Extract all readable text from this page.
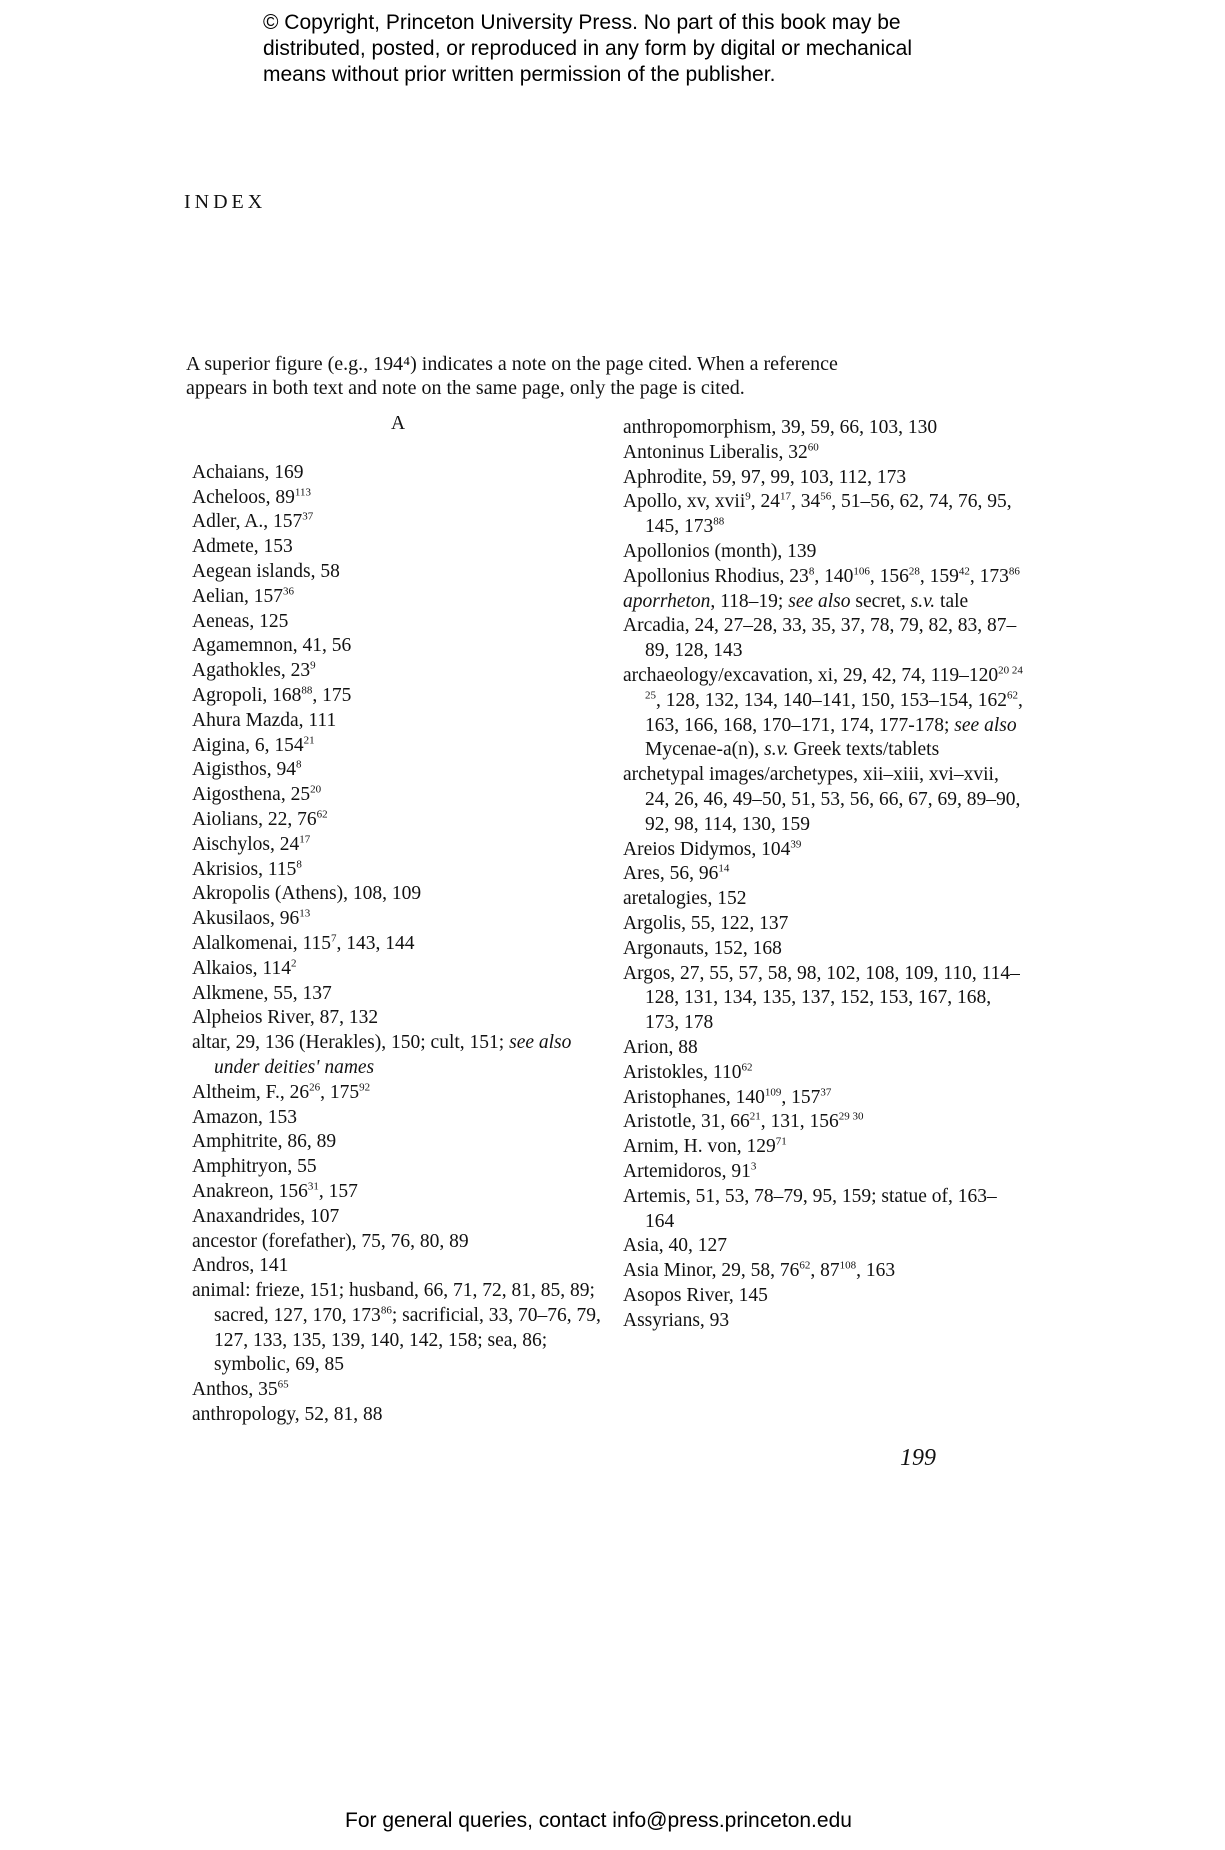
© Copyright, Princeton University Press. No part of this book may be
distributed, posted, or reproduced in any form by digital or mechanical
means without prior written permission of the publisher.
INDEX

A superior figure (e.g., 194⁴) indicates a note on the page cited. When a reference

appears in both text and note on the same page, only the page is cited.

A
Achaians, 169
Acheloos, $89^{113}$
Adler, A., $157^{37}$
Admete, 153
Aegean islands, 58
Aelian, $157^{36}$
Aeneas, 125
Agamemnon, 41, 56
Agathokles, $23^9$
Agropoli, $168^{88}$, 175
Ahura Mazda, 111
Aigina, 6, $154^{21}$
Aigisthos, $94^8$
Aigosthena, $25^{20}$
Aiolians, 22, $76^{62}$
Aischylos, $24^{17}$
Akrisios, $115^8$
Akropolis (Athens), 108, 109
Akusilaos, $96^{13}$
Alalkomenai, $115^7$, 143, 144
Alkaios, $114^2$
Alkmene, 55, 137
Alpheios River, 87, 132
altar, 29, 136 (Herakles), 150; cult, 151; see also under deities' names
Altheim, F., $26^{26}$, $175^{92}$
Amazon, 153
Amphitrite, 86, 89
Amphitryon, 55
Anakreon, $156^{31}$, 157
Anaxandrides, 107
ancestor (forefather), 75, 76, 80, 89
Andros, 141
animal: frieze, 151; husband, 66, 71, 72, 81, 85, 89; sacred, 127, 170, $173^{86}$; sacrificial, 33, 70–76, 79, 127, 133, 135, 139, 140, 142, 158; sea, 86; symbolic, 69, 85
Anthos, $35^{65}$
anthropology, 52, 81, 88
anthropomorphism, 39, 59, 66, 103, 130
Antoninus Liberalis, $32^{60}$
Aphrodite, 59, 97, 99, 103, 112, 173
Apollo, xv, xvii$^9$, $24^{17}$, $34^{56}$, 51–56, 62, 74, 76, 95, 145, $173^{88}$
Apollonios (month), 139
Apollonius Rhodius, $23^8$, $140^{106}$, $156^{28}$, $159^{42}$, $173^{86}$
aporrheton, 118–19; see also secret, s.v. tale
Arcadia, 24, 27–28, 33, 35, 37, 78, 79, 82, 83, 87–89, 128, 143
archaeology/excavation, xi, 29, 42, 74, $119-120^{20 24 25}$, 128, 132, 134, 140–141, 150, 153–154, $162^{62}$, 163, 166, 168, 170–171, 174, 177-178; see also Mycenae-a(n), s.v. Greek texts/tablets
archetypal images/archetypes, xii–xiii, xvi–xvii, 24, 26, 46, 49–50, 51, 53, 56, 66, 67, 69, 89–90, 92, 98, 114, 130, 159
Areios Didymos, $104^{39}$
Ares, 56, $96^{14}$
aretalogies, 152
Argolis, 55, 122, 137
Argonauts, 152, 168
Argos, 27, 55, 57, 58, 98, 102, 108, 109, 110, 114–128, 131, 134, 135, 137, 152, 153, 167, 168, 173, 178
Arion, 88
Aristokles, $110^{62}$
Aristophanes, $140^{109}$, $157^{37}$
Aristotle, 31, $66^{21}$, 131, $156^{29 30}$
Arnim, H. von, $129^{71}$
Artemidoros, $91^3$
Artemis, 51, 53, 78–79, 95, 159; statue of, 163–164
Asia, 40, 127
Asia Minor, 29, 58, $76^{62}$, $87^{108}$, 163
Asopos River, 145
Assyrians, 93
199
For general queries, contact info@press.princeton.edu
